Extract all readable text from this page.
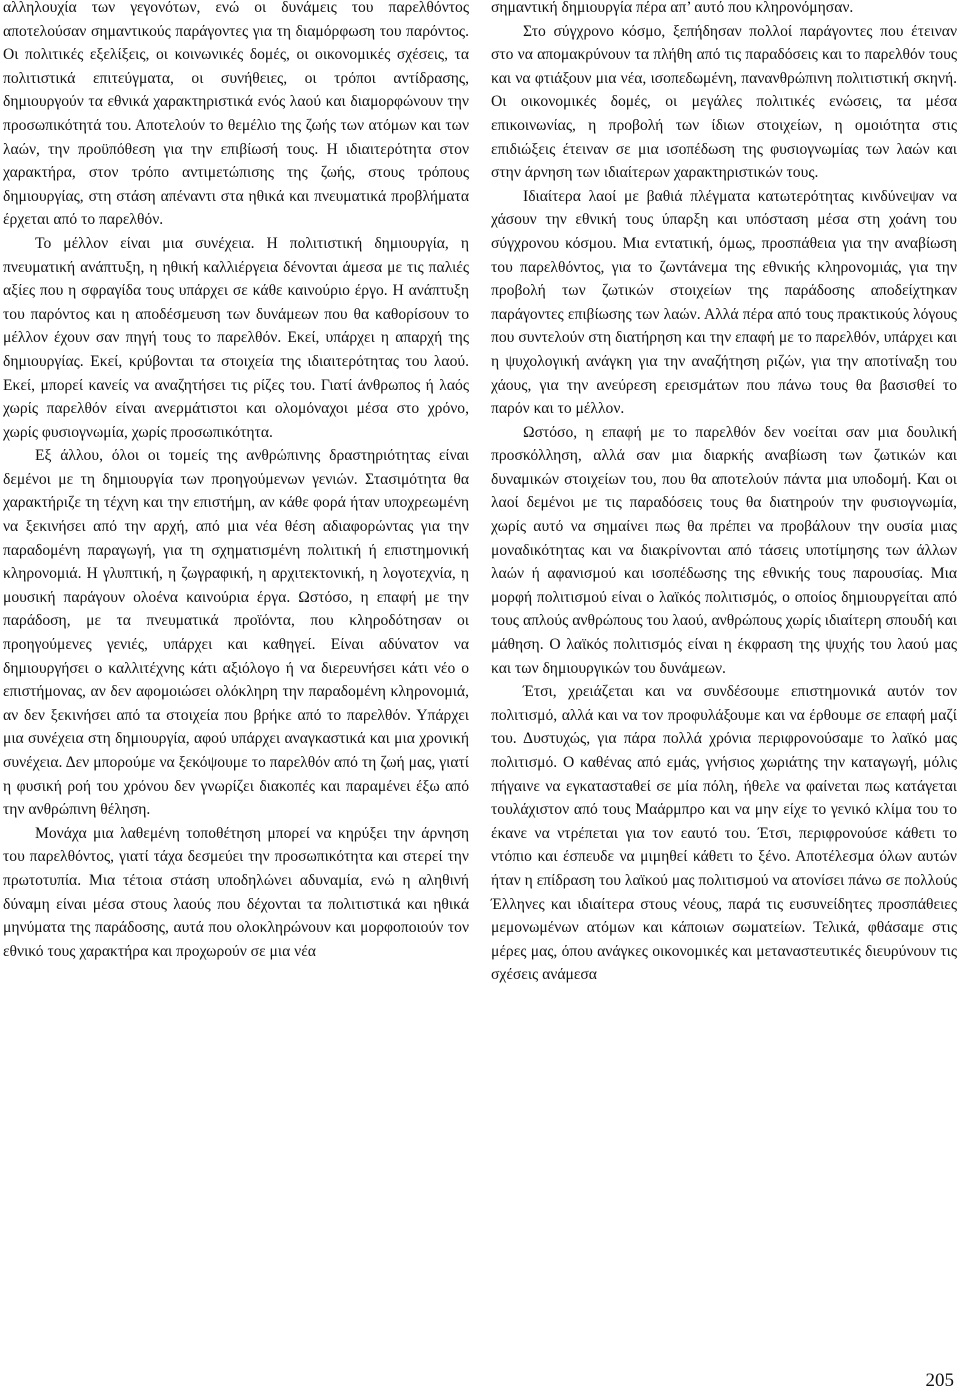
αλληλουχία των γεγονότων, ενώ οι δυνάμεις του παρελθόντος αποτελούσαν σημαντικούς παράγοντες για τη διαμόρφωση του παρόντος. Οι πολιτικές εξελίξεις, οι κοινωνικές δομές, οι οικονομικές σχέσεις, τα πολιτιστικά επιτεύγματα, οι συνήθειες, οι τρόποι αντίδρασης, δημιουργούν τα εθνικά χαρακτηριστικά ενός λαού και διαμορφώνουν την προσωπικότητά του. Αποτελούν το θεμέλιο της ζωής των ατόμων και των λαών, την προϋπόθεση για την επιβίωσή τους. Η ιδιαιτερότητα στον χαρακτήρα, στον τρόπο αντιμετώπισης της ζωής, στους τρόπους δημιουργίας, στη στάση απέναντι στα ηθικά και πνευματικά προβλήματα έρχεται από το παρελθόν.

Το μέλλον είναι μια συνέχεια. Η πολιτιστική δημιουργία, η πνευματική ανάπτυξη, η ηθική καλλιέργεια δένονται άμεσα με τις παλιές αξίες που η σφραγίδα τους υπάρχει σε κάθε καινούριο έργο. Η ανάπτυξη του παρόντος και η αποδέσμευση των δυνάμεων που θα καθορίσουν το μέλλον έχουν σαν πηγή τους το παρελθόν. Εκεί, υπάρχει η απαρχή της δημιουργίας. Εκεί, κρύβονται τα στοιχεία της ιδιαιτερότητας του λαού. Εκεί, μπορεί κανείς να αναζητήσει τις ρίζες του. Γιατί άνθρωπος ή λαός χωρίς παρελθόν είναι ανερμάτιστοι και ολομόναχοι μέσα στο χρόνο, χωρίς φυσιογνωμία, χωρίς προσωπικότητα.

Εξ άλλου, όλοι οι τομείς της ανθρώπινης δραστηριότητας είναι δεμένοι με τη δημιουργία των προηγούμενων γενιών. Στασιμότητα θα χαρακτήριζε τη τέχνη και την επιστήμη, αν κάθε φορά ήταν υποχρεωμένη να ξεκινήσει από την αρχή, από μια νέα θέση αδιαφορώντας για την παραδομένη παραγωγή, για τη σχηματισμένη πολιτική ή επιστημονική κληρονομιά. Η γλυπτική, η ζωγραφική, η αρχιτεκτονική, η λογοτεχνία, η μουσική παράγουν ολοένα καινούρια έργα. Ωστόσο, η επαφή με την παράδοση, με τα πνευματικά προϊόντα, που κληροδότησαν οι προηγούμενες γενιές, υπάρχει και καθηγεί. Είναι αδύνατον να δημιουργήσει ο καλλιτέχνης κάτι αξιόλογο ή να διερευνήσει κάτι νέο ο επιστήμονας, αν δεν αφομοιώσει ολόκληρη την παραδομένη κληρονομιά, αν δεν ξεκινήσει από τα στοιχεία που βρήκε από το παρελθόν. Υπάρχει μια συνέχεια στη δημιουργία, αφού υπάρχει αναγκαστικά και μια χρονική συνέχεια. Δεν μπορούμε να ξεκόψουμε το παρελθόν από τη ζωή μας, γιατί η φυσική ροή του χρόνου δεν γνωρίζει διακοπές και παραμένει έξω από την ανθρώπινη θέληση.

Μονάχα μια λαθεμένη τοποθέτηση μπορεί να κηρύξει την άρνηση του παρελθόντος, γιατί τάχα δεσμεύει την προσωπικότητα και στερεί την πρωτοτυπία. Μια τέτοια στάση υποδηλώνει αδυναμία, ενώ η αληθινή δύναμη είναι μέσα στους λαούς που δέχονται τα πολιτιστικά και ηθικά μηνύματα της παράδοσης, αυτά που ολοκληρώνουν και μορφοποιούν τον εθνικό τους χαρακτήρα και προχωρούν σε μια νέα

σημαντική δημιουργία πέρα απ’ αυτό που κληρονόμησαν.

Στο σύγχρονο κόσμο, ξεπήδησαν πολλοί παράγοντες που έτειναν στο να απομακρύνουν τα πλήθη από τις παραδόσεις και το παρελθόν τους και να φτιάξουν μια νέα, ισοπεδωμένη, πανανθρώπινη πολιτιστική σκηνή. Οι οικονομικές δομές, οι μεγάλες πολιτικές ενώσεις, τα μέσα επικοινωνίας, η προβολή των ίδιων στοιχείων, η ομοιότητα στις επιδιώξεις έτειναν σε μια ισοπέδωση της φυσιογνωμίας των λαών και στην άρνηση των ιδιαίτερων χαρακτηριστικών τους.

Ιδιαίτερα λαοί με βαθιά πλέγματα κατωτερότητας κινδύνεψαν να χάσουν την εθνική τους ύπαρξη και υπόσταση μέσα στη χοάνη του σύγχρονου κόσμου. Μια εντατική, όμως, προσπάθεια για την αναβίωση του παρελθόντος, για το ζωντάνεμα της εθνικής κληρονομιάς, για την προβολή των ζωτικών στοιχείων της παράδοσης αποδείχτηκαν παράγοντες επιβίωσης των λαών. Αλλά πέρα από τους πρακτικούς λόγους που συντελούν στη διατήρηση και την επαφή με το παρελθόν, υπάρχει και η ψυχολογική ανάγκη για την αναζήτηση ριζών, για την αποτίναξη του χάους, για την ανεύρεση ερεισμάτων που πάνω τους θα βασισθεί το παρόν και το μέλλον.

Ωστόσο, η επαφή με το παρελθόν δεν νοείται σαν μια δουλική προσκόλληση, αλλά σαν μια διαρκής αναβίωση των ζωτικών και δυναμικών στοιχείων του, που θα αποτελούν πάντα μια υποδομή. Και οι λαοί δεμένοι με τις παραδόσεις τους θα διατηρούν την φυσιογνωμία, χωρίς αυτό να σημαίνει πως θα πρέπει να προβάλουν την ουσία μιας μοναδικότητας και να διακρίνονται από τάσεις υποτίμησης των άλλων λαών ή αφανισμού και ισοπέδωσης της εθνικής τους παρουσίας. Μια μορφή πολιτισμού είναι ο λαϊκός πολιτισμός, ο οποίος δημιουργείται από τους απλούς ανθρώπους του λαού, ανθρώπους χωρίς ιδιαίτερη σπουδή και μάθηση. Ο λαϊκός πολιτισμός είναι η έκφραση της ψυχής του λαού μας και των δημιουργικών του δυνάμεων.

Έτσι, χρειάζεται και να συνδέσουμε επιστημονικά αυτόν τον πολιτισμό, αλλά και να τον προφυλάξουμε και να έρθουμε σε επαφή μαζί του. Δυστυχώς, για πάρα πολλά χρόνια περιφρονούσαμε το λαϊκό μας πολιτισμό. Ο καθένας από εμάς, γνήσιος χωριάτης την καταγωγή, μόλις πήγαινε να εγκατασταθεί σε μία πόλη, ήθελε να φαίνεται πως κατάγεται τουλάχιστον από τους Μαάρμπρο και να μην είχε το γενικό κλίμα του το έκανε να ντρέπεται για τον εαυτό του. Έτσι, περιφρονούσε κάθετι το ντόπιο και έσπευδε να μιμηθεί κάθετι το ξένο. Αποτέλεσμα όλων αυτών ήταν η επίδραση του λαϊκού μας πολιτισμού να ατονίσει πάνω σε πολλούς Έλληνες και ιδιαίτερα στους νέους, παρά τις ευσυνείδητες προσπάθειες μεμονωμένων ατόμων και κάποιων σωματείων. Τελικά, φθάσαμε στις μέρες μας, όπου ανάγκες οικονομικές και μεταναστευτικές διευρύνουν τις σχέσεις ανάμεσα

205
